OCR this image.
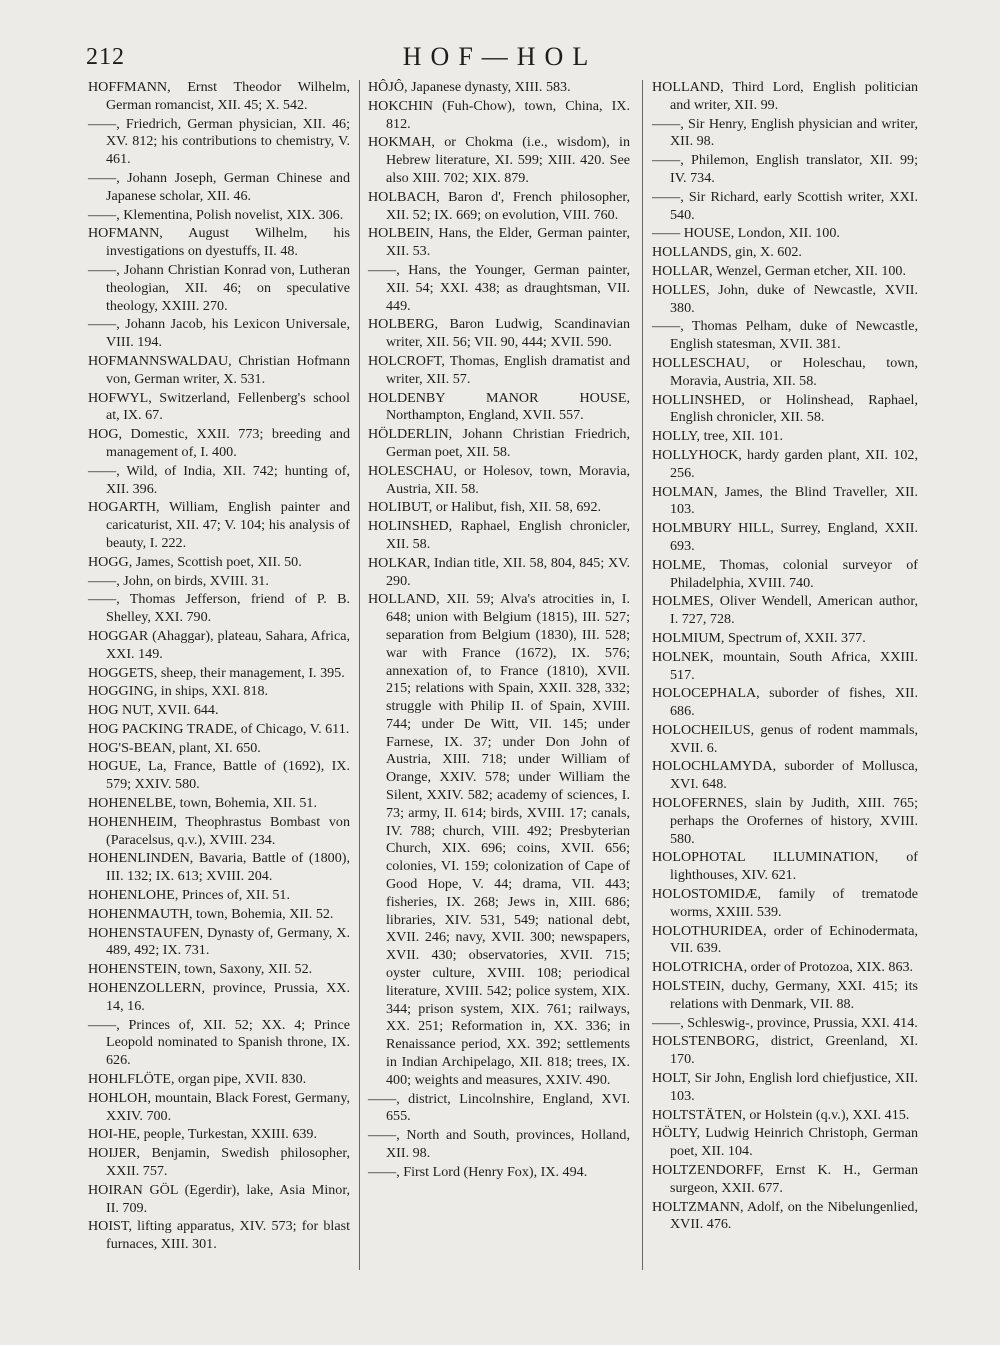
212	HOF—HOL

HOFFMANN, Ernst Theodor Wilhelm, German romancist, XII. 45; X. 542.

——, Friedrich, German physician, XII. 46; XV. 812; his contributions to chemistry, V. 461.

——, Johann Joseph, German Chinese and Japanese scholar, XII. 46.

——, Klementina, Polish novelist, XIX. 306.

HOFMANN, August Wilhelm, his investigations on dyestuffs, II. 48.

——, Johann Christian Konrad von, Lutheran theologian, XII. 46; on speculative theology, XXIII. 270.

——, Johann Jacob, his Lexicon Universale, VIII. 194.

HOFMANNSWALDAU, Christian Hofmann von, German writer, X. 531.

HOFWYL, Switzerland, Fellenberg's school at, IX. 67.

HOG, Domestic, XXII. 773; breeding and management of, I. 400.

——, Wild, of India, XII. 742; hunting of, XII. 396.

HOGARTH, William, English painter and caricaturist, XII. 47; V. 104; his analysis of beauty, I. 222.

HOGG, James, Scottish poet, XII. 50.

——, John, on birds, XVIII. 31.

——, Thomas Jefferson, friend of P. B. Shelley, XXI. 790.

HOGGAR (Ahaggar), plateau, Sahara, Africa, XXI. 149.

HOGGETS, sheep, their management, I. 395.

HOGGING, in ships, XXI. 818.

HOG NUT, XVII. 644.

HOG PACKING TRADE, of Chicago, V. 611.

HOG'S-BEAN, plant, XI. 650.

HOGUE, La, France, Battle of (1692), IX. 579; XXIV. 580.

HOHENELBE, town, Bohemia, XII. 51.

HOHENHEIM, Theophrastus Bombast von (Paracelsus, q.v.), XVIII. 234.

HOHENLINDEN, Bavaria, Battle of (1800), III. 132; IX. 613; XVIII. 204.

HOHENLOHE, Princes of, XII. 51.

HOHENMAUTH, town, Bohemia, XII. 52.

HOHENSTAUFEN, Dynasty of, Germany, X. 489, 492; IX. 731.

HOHENSTEIN, town, Saxony, XII. 52.

HOHENZOLLERN, province, Prussia, XX. 14, 16.

——, Princes of, XII. 52; XX. 4; Prince Leopold nominated to Spanish throne, IX. 626.

HOHLFLÖTE, organ pipe, XVII. 830.

HOHLOH, mountain, Black Forest, Germany, XXIV. 700.

HOI-HE, people, Turkestan, XXIII. 639.

HOIJER, Benjamin, Swedish philosopher, XXII. 757.

HOIRAN GÖL (Egerdir), lake, Asia Minor, II. 709.

HOIST, lifting apparatus, XIV. 573; for blast furnaces, XIII. 301.

HÔJÔ, Japanese dynasty, XIII. 583.

HOKCHIN (Fuh-Chow), town, China, IX. 812.

HOKMAH, or Chokma (i.e., wisdom), in Hebrew literature, XI. 599; XIII. 420. See also XIII. 702; XIX. 879.

HOLBACH, Baron d', French philosopher, XII. 52; IX. 669; on evolution, VIII. 760.

HOLBEIN, Hans, the Elder, German painter, XII. 53.

——, Hans, the Younger, German painter, XII. 54; XXI. 438; as draughtsman, VII. 449.

HOLBERG, Baron Ludwig, Scandinavian writer, XII. 56; VII. 90, 444; XVII. 590.

HOLCROFT, Thomas, English dramatist and writer, XII. 57.

HOLDENBY MANOR HOUSE, Northampton, England, XVII. 557.

HÖLDERLIN, Johann Christian Friedrich, German poet, XII. 58.

HOLESCHAU, or Holesov, town, Moravia, Austria, XII. 58.

HOLIBUT, or Halibut, fish, XII. 58, 692.

HOLINSHED, Raphael, English chronicler, XII. 58.

HOLKAR, Indian title, XII. 58, 804, 845; XV. 290.

HOLLAND, XII. 59; Alva's atrocities in, I. 648; union with Belgium (1815), III. 527; separation from Belgium (1830), III. 528; war with France (1672), IX. 576; annexation of, to France (1810), XVII. 215; relations with Spain, XXII. 328, 332; struggle with Philip II. of Spain, XVIII. 744; under De Witt, VII. 145; under Farnese, IX. 37; under Don John of Austria, XIII. 718; under William of Orange, XXIV. 578; under William the Silent, XXIV. 582; academy of sciences, I. 73; army, II. 614; birds, XVIII. 17; canals, IV. 788; church, VIII. 492; Presbyterian Church, XIX. 696; coins, XVII. 656; colonies, VI. 159; colonization of Cape of Good Hope, V. 44; drama, VII. 443; fisheries, IX. 268; Jews in, XIII. 686; libraries, XIV. 531, 549; national debt, XVII. 246; navy, XVII. 300; newspapers, XVII. 430; observatories, XVII. 715; oyster culture, XVIII. 108; periodical literature, XVIII. 542; police system, XIX. 344; prison system, XIX. 761; railways, XX. 251; Reformation in, XX. 336; in Renaissance period, XX. 392; settlements in Indian Archipelago, XII. 818; trees, IX. 400; weights and measures, XXIV. 490.

——, district, Lincolnshire, England, XVI. 655.

——, North and South, provinces, Holland, XII. 98.

——, First Lord (Henry Fox), IX. 494.

HOLLAND, Third Lord, English politician and writer, XII. 99.

——, Sir Henry, English physician and writer, XII. 98.

——, Philemon, English translator, XII. 99; IV. 734.

——, Sir Richard, early Scottish writer, XXI. 540.

—— HOUSE, London, XII. 100.

HOLLANDS, gin, X. 602.

HOLLAR, Wenzel, German etcher, XII. 100.

HOLLES, John, duke of Newcastle, XVII. 380.

——, Thomas Pelham, duke of Newcastle, English statesman, XVII. 381.

HOLLESCHAU, or Holeschau, town, Moravia, Austria, XII. 58.

HOLLINSHED, or Holinshead, Raphael, English chronicler, XII. 58.

HOLLY, tree, XII. 101.

HOLLYHOCK, hardy garden plant, XII. 102, 256.

HOLMAN, James, the Blind Traveller, XII. 103.

HOLMBURY HILL, Surrey, England, XXII. 693.

HOLME, Thomas, colonial surveyor of Philadelphia, XVIII. 740.

HOLMES, Oliver Wendell, American author, I. 727, 728.

HOLMIUM, Spectrum of, XXII. 377.

HOLNEK, mountain, South Africa, XXIII. 517.

HOLOCEPHALA, suborder of fishes, XII. 686.

HOLOCHEILUS, genus of rodent mammals, XVII. 6.

HOLOCHLAMYDA, suborder of Mollusca, XVI. 648.

HOLOFERNES, slain by Judith, XIII. 765; perhaps the Orofernes of history, XVIII. 580.

HOLOPHOTAL ILLUMINATION, of lighthouses, XIV. 621.

HOLOSTOMIDÆ, family of trematode worms, XXIII. 539.

HOLOTHURIDEA, order of Echinodermata, VII. 639.

HOLOTRICHA, order of Protozoa, XIX. 863.

HOLSTEIN, duchy, Germany, XXI. 415; its relations with Denmark, VII. 88.

——, Schleswig-, province, Prussia, XXI. 414.

HOLSTENBORG, district, Greenland, XI. 170.

HOLT, Sir John, English lord chiefjustice, XII. 103.

HOLTSTÄTEN, or Holstein (q.v.), XXI. 415.

HÖLTY, Ludwig Heinrich Christoph, German poet, XII. 104.

HOLTZENDORFF, Ernst K. H., German surgeon, XXII. 677.

HOLTZMANN, Adolf, on the Nibelungenlied, XVII. 476.
